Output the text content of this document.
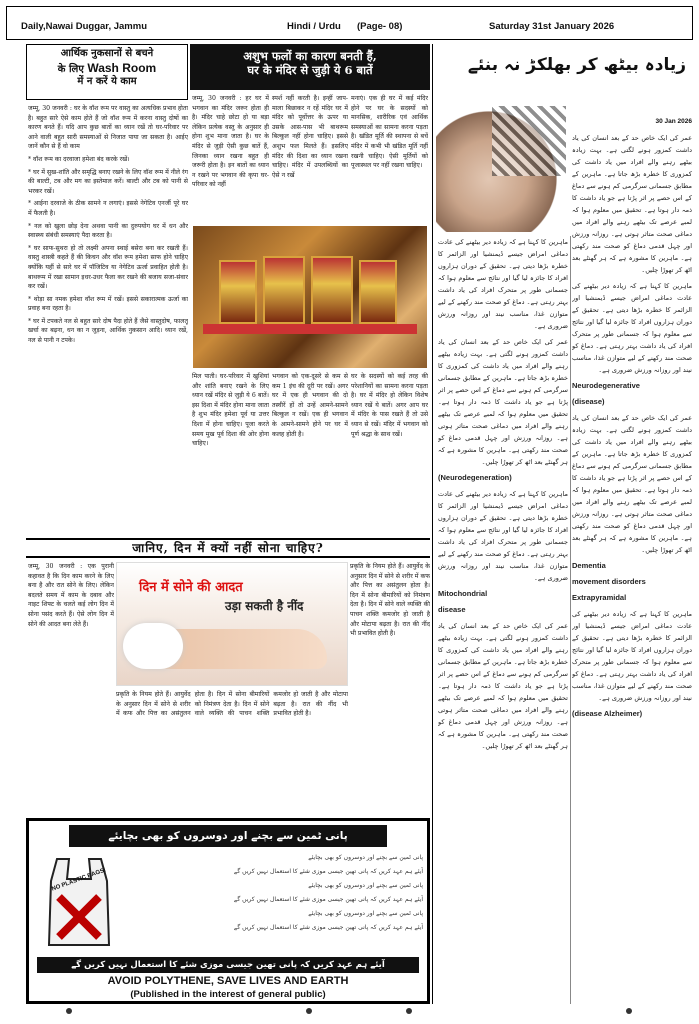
Daily,Nawai Duggar, Jammu	Hindi / Urdu (Page- 08)	Saturday 31st January 2026
आर्थिक नुकसानों से बचने
के लिए Wash Room
में न करें ये काम

जम्मू, 30 जनवरी : घर के वॉश रूम पर वास्तु का अत्यधिक प्रभाव होता है। बहुत सारे ऐसे काम होते हैं जो वॉश रूम में करना वास्तु दोषों का कारण बनते हैं। यदि आप कुछ बातों का ध्यान रखें तो घर-परिवार पर आने वाली बहुत सारी समस्याओं से निजात पाया जा सकता है। आईए जानें कौन से हैं वो काम

* वॉश रूम का दरवाजा हमेशा बंद करके रखें।

* घर में सुख-शांति और समृद्धि बनाए रखने के लिए वॉश रूम में नीले रंग की बाल्टी, टब और मग का इस्तेमाल करें। बाल्टी और टब को पानी से भरकर रखें।

* आईना दरवाजे के ठीक सामने न लगाएं। इससे नेगेटिव एनर्जी पूरे घर में फैलती है।

* नल को खुला छोड़ देना अथवा पानी का दुरुपयोग घर में धन और स्वास्थ्य संबंधी समस्याएं पैदा करता है।

* घर साफ-सुथरा हो तो लक्ष्मी अपना स्थाई बसेरा बना कर रखती हैं। वास्तु शास्त्री कहते हैं की किचन और वॉश रूम हमेशा साफ होने चाहिए क्योंकि यहीं से सारे घर में पॉजिटिव या नेगेटिव ऊर्जा प्रवाहित होती है। बाथरूम में रखा सामान इधर-उधर फैला कर रखने की बजाय सजा-संवार कर रखें।

* थोड़ा सा नमक हमेशा वॉश रूम में रखें। इससे सकारात्मक ऊर्जा का प्रवाह बना रहता है।

* घर में टपकते नल से बहुत सारे दोष पैदा होते हैं जैसे वास्तुदोष, फालतू खर्चा का बढ़ना, धन का न जुड़ना, आर्थिक नुकसान आदि। ध्यान रखें, नल से पानी न टपके।

अशुभ फलों का कारण बनती हैं,
घर के मंदिर से जुड़ी ये 6 बातें
जम्मू, 30 जनवरी : हर घर में भगवान का मंदिर जरूर होता ही है। मंदिर चाहे छोटा हो या बड़ा लेकिन प्रत्येक वस्तु के अनुसार ही होना शुभ माना जाता है। घर के मंदिर से जुड़ी ऐसी कुछ बातें हैं, जिनका ध्यान रखना बहुत ही जरूरी होता है। इन बातों का ध्यान न रखने पर भगवान की कृपा घर-परिवार को नहीं
स्पर्श नहीं करती है। इन्हीं जाप-माला बिछाकर न रहें मंदिर घर में मंदिर को पूर्वोत्तर के ऊपर या उसके आस-पास भी बाथरूम बिल्कुल नहीं होना चाहिए। इससे अशुभ फल मिलते हैं। इसलिए मंदिर की दिशा का ध्यान रखना चाहिए। मंदिर में उपलब्धियों का ऐसे न रखें
मनाएं। एक ही घर में कई मंदिर होने पर घर के सदस्यों को मानसिक, शारीरिक एवं आर्थिक समस्याओं का सामना करना पड़ता है। खंडित मूर्ति की स्थापना से बचें मंदिर में कभी भी खंडित मूर्ति नहीं रखनी चाहिए। ऐसी मूर्तियों को पूजास्थल पर नहीं रखना चाहिए।
मिल पाती। घर-परिवार में खुशियां और शांति बनाए रखने के लिए ध्यान रखें मंदिर से जुड़ी ये 6 बातें। इस दिशा में मंदिर होना माना जाता है शुभ मंदिर हमेशा पूर्व या उत्तर दिशा में होना चाहिए। पूजा करते समय मुख पूर्व दिशा की ओर होना चाहिए।
भगवान को एक-दूसरे से कम से कम 1 इंच की दूरी पर रखें। अगर घर में एक ही भगवान की दो तस्वीरें हों तो उन्हें आमने-सामने बिल्कुल न रखें। एक ही भगवान के आमने-सामने होने पर घर में कलह होती है।
घर के सदस्यों को कई तरह की परेशानियों का सामना करना पड़ता है। घर में मंदिर हो लेकिन विशेष ध्यान रखें ये बातें। अगर आप घर में मंदिर के पास रखते हैं तो उसे ध्यान से रखें। मंदिर में भगवान को पूर्ण श्रद्धा के साथ रखें।
जानिए, दिन में क्यों नहीं सोना चाहिए?
जम्मू, 30 जनवरी : एक पुरानी कहावत है कि दिन काम करने के लिए बना है और रात सोने के लिए। लेकिन बदलते समय में काम के दबाव और नाइट शिफ्ट के चलते कई लोग दिन में सोना पसंद करते हैं। ऐसे लोग दिन में सोने की आदत बना लेते हैं।
दिन में सोने की आदत
उड़ा सकती है नींद
प्रकृति के नियम होते हैं। आयुर्वेद के अनुसार दिन में सोने से शरीर में कफ और पित्त का असंतुलन होता है। दिन में सोना बीमारियों को निमंत्रण देता है। दिन में सोने वाले व्यक्ति की पाचन शक्ति कमजोर हो जाती है और मोटापा बढ़ता है। रात की नींद भी प्रभावित होती है।
प्रकृति के नियम होते हैं। आयुर्वेद के अनुसार दिन में सोने से शरीर में कफ और पित्त का असंतुलन होता है। दिन में सोना बीमारियों को निमंत्रण देता है। दिन में सोने वाले व्यक्ति की पाचन शक्ति कमजोर हो जाती है और मोटापा बढ़ता है। रात की नींद भी प्रभावित होती है।
پانی ٹمین سے بچنے اور دوسروں کو بھی بچایئے
NO PLASTIC BAGS!

پانی ٹمین سے بچنے اور دوسروں کو بھی بچایئے

آیئے ہم عہد کریں کہ پانی تھین جیسی موزی شئے کا استعمال نہیں کریں گے

پانی ٹمین سے بچنے اور دوسروں کو بھی بچایئے

آیئے ہم عہد کریں کہ پانی تھین جیسی موزی شئے کا استعمال نہیں کریں گے

پانی ٹمین سے بچنے اور دوسروں کو بھی بچایئے

آیئے ہم عہد کریں کہ پانی تھین جیسی موزی شئے کا استعمال نہیں کریں گے

آیئے ہم عہد کریں کہ پانی تھین جیسی موزی شئے کا استعمال نہیں کریں گے
AVOID POLYTHENE, SAVE LIVES AND EARTH
(Published in the interest of general public)
زیادہ بیٹھ کر بھلکڑ نہ بنئے
30 Jan 2026

عمر کی ایک خاص حد کے بعد انسان کی یاد داشت کمزور ہونے لگتی ہے۔ بہت زیادہ بیٹھے رہنے والے افراد میں یاد داشت کی کمزوری کا خطرہ بڑھ جاتا ہے۔ ماہرین کے مطابق جسمانی سرگرمی کم ہونے سے دماغ کے اس حصے پر اثر پڑتا ہے جو یاد داشت کا ذمہ دار ہوتا ہے۔ تحقیق میں معلوم ہوا کہ لمبے عرصے تک بیٹھے رہنے والے افراد میں دماغی صحت متاثر ہوتی ہے۔ روزانہ ورزش اور چہل قدمی دماغ کو صحت مند رکھتی ہے۔ ماہرین کا مشورہ ہے کہ ہر گھنٹے بعد اٹھ کر تھوڑا چلیں۔

ماہرین کا کہنا ہے کہ زیادہ دیر بیٹھنے کی عادت دماغی امراض جیسے ڈیمنشیا اور الزائمر کا خطرہ بڑھا دیتی ہے۔ تحقیق کے دوران ہزاروں افراد کا جائزہ لیا گیا اور نتائج سے معلوم ہوا کہ جسمانی طور پر متحرک افراد کی یاد داشت بہتر رہتی ہے۔ دماغ کو صحت مند رکھنے کے لیے متوازن غذا، مناسب نیند اور روزانہ ورزش ضروری ہے۔

Neurodegenerative

(disease)

عمر کی ایک خاص حد کے بعد انسان کی یاد داشت کمزور ہونے لگتی ہے۔ بہت زیادہ بیٹھے رہنے والے افراد میں یاد داشت کی کمزوری کا خطرہ بڑھ جاتا ہے۔ ماہرین کے مطابق جسمانی سرگرمی کم ہونے سے دماغ کے اس حصے پر اثر پڑتا ہے جو یاد داشت کا ذمہ دار ہوتا ہے۔ تحقیق میں معلوم ہوا کہ لمبے عرصے تک بیٹھے رہنے والے افراد میں دماغی صحت متاثر ہوتی ہے۔ روزانہ ورزش اور چہل قدمی دماغ کو صحت مند رکھتی ہے۔ ماہرین کا مشورہ ہے کہ ہر گھنٹے بعد اٹھ کر تھوڑا چلیں۔

Dementia

movement disorders

Extrapyramidal

ماہرین کا کہنا ہے کہ زیادہ دیر بیٹھنے کی عادت دماغی امراض جیسے ڈیمنشیا اور الزائمر کا خطرہ بڑھا دیتی ہے۔ تحقیق کے دوران ہزاروں افراد کا جائزہ لیا گیا اور نتائج سے معلوم ہوا کہ جسمانی طور پر متحرک افراد کی یاد داشت بہتر رہتی ہے۔ دماغ کو صحت مند رکھنے کے لیے متوازن غذا، مناسب نیند اور روزانہ ورزش ضروری ہے۔

(disease Alzheimer)

ماہرین کا کہنا ہے کہ زیادہ دیر بیٹھنے کی عادت دماغی امراض جیسے ڈیمنشیا اور الزائمر کا خطرہ بڑھا دیتی ہے۔ تحقیق کے دوران ہزاروں افراد کا جائزہ لیا گیا اور نتائج سے معلوم ہوا کہ جسمانی طور پر متحرک افراد کی یاد داشت بہتر رہتی ہے۔ دماغ کو صحت مند رکھنے کے لیے متوازن غذا، مناسب نیند اور روزانہ ورزش ضروری ہے۔

عمر کی ایک خاص حد کے بعد انسان کی یاد داشت کمزور ہونے لگتی ہے۔ بہت زیادہ بیٹھے رہنے والے افراد میں یاد داشت کی کمزوری کا خطرہ بڑھ جاتا ہے۔ ماہرین کے مطابق جسمانی سرگرمی کم ہونے سے دماغ کے اس حصے پر اثر پڑتا ہے جو یاد داشت کا ذمہ دار ہوتا ہے۔ تحقیق میں معلوم ہوا کہ لمبے عرصے تک بیٹھے رہنے والے افراد میں دماغی صحت متاثر ہوتی ہے۔ روزانہ ورزش اور چہل قدمی دماغ کو صحت مند رکھتی ہے۔ ماہرین کا مشورہ ہے کہ ہر گھنٹے بعد اٹھ کر تھوڑا چلیں۔

(Neurodegeneration)

ماہرین کا کہنا ہے کہ زیادہ دیر بیٹھنے کی عادت دماغی امراض جیسے ڈیمنشیا اور الزائمر کا خطرہ بڑھا دیتی ہے۔ تحقیق کے دوران ہزاروں افراد کا جائزہ لیا گیا اور نتائج سے معلوم ہوا کہ جسمانی طور پر متحرک افراد کی یاد داشت بہتر رہتی ہے۔ دماغ کو صحت مند رکھنے کے لیے متوازن غذا، مناسب نیند اور روزانہ ورزش ضروری ہے۔

Mitochondrial

disease

عمر کی ایک خاص حد کے بعد انسان کی یاد داشت کمزور ہونے لگتی ہے۔ بہت زیادہ بیٹھے رہنے والے افراد میں یاد داشت کی کمزوری کا خطرہ بڑھ جاتا ہے۔ ماہرین کے مطابق جسمانی سرگرمی کم ہونے سے دماغ کے اس حصے پر اثر پڑتا ہے جو یاد داشت کا ذمہ دار ہوتا ہے۔ تحقیق میں معلوم ہوا کہ لمبے عرصے تک بیٹھے رہنے والے افراد میں دماغی صحت متاثر ہوتی ہے۔ روزانہ ورزش اور چہل قدمی دماغ کو صحت مند رکھتی ہے۔ ماہرین کا مشورہ ہے کہ ہر گھنٹے بعد اٹھ کر تھوڑا چلیں۔
